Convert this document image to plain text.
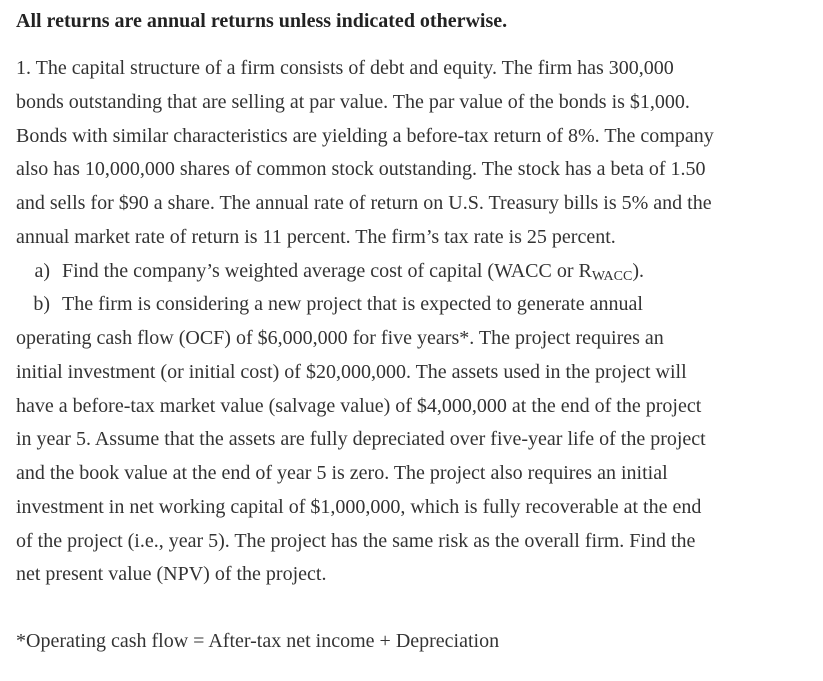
All returns are annual returns unless indicated otherwise.
1. The capital structure of a firm consists of debt and equity. The firm has 300,000
bonds outstanding that are selling at par value. The par value of the bonds is $1,000.
Bonds with similar characteristics are yielding a before-tax return of 8%. The company
also has 10,000,000 shares of common stock outstanding. The stock has a beta of 1.50
and sells for $90 a share. The annual rate of return on U.S. Treasury bills is 5% and the
annual market rate of return is 11 percent. The firm’s tax rate is 25 percent.
a) Find the company’s weighted average cost of capital (WACC or $R_{WACC}$).
b) The firm is considering a new project that is expected to generate annual
operating cash flow (OCF) of $6,000,000 for five years*. The project requires an
initial investment (or initial cost) of $20,000,000. The assets used in the project will
have a before-tax market value (salvage value) of $4,000,000 at the end of the project
in year 5. Assume that the assets are fully depreciated over five-year life of the project
and the book value at the end of year 5 is zero. The project also requires an initial
investment in net working capital of $1,000,000, which is fully recoverable at the end
of the project (i.e., year 5). The project has the same risk as the overall firm. Find the
net present value (NPV) of the project.
*Operating cash flow = After-tax net income + Depreciation
